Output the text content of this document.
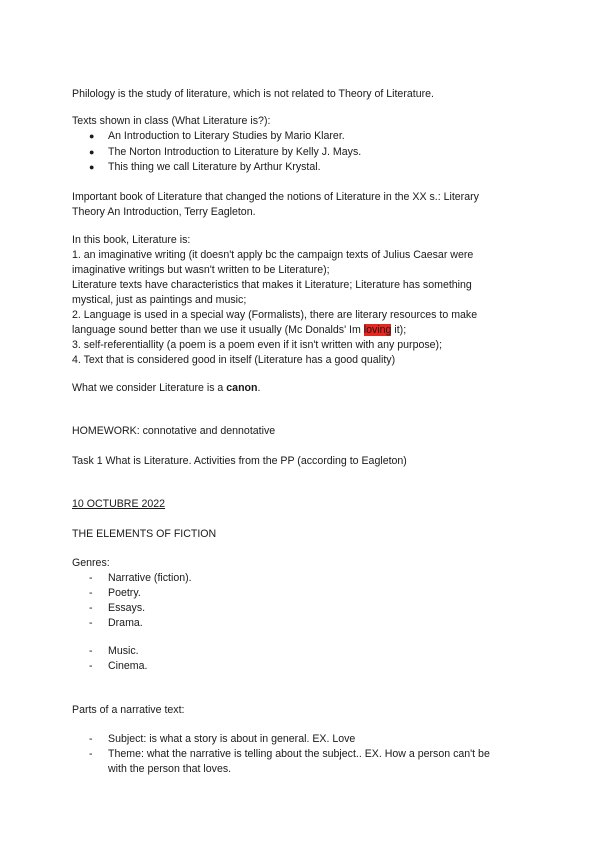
Philology is the study of literature, which is not related to Theory of Literature.
Texts shown in class (What Literature is?):
● An Introduction to Literary Studies by Mario Klarer.
● The Norton Introduction to Literature by Kelly J. Mays.
● This thing we call Literature by Arthur Krystal.
Important book of Literature that changed the notions of Literature in the XX s.: Literary
Theory An Introduction, Terry Eagleton.
In this book, Literature is:
1. an imaginative writing (it doesn't apply bc the campaign texts of Julius Caesar were
imaginative writings but wasn't written to be Literature);
Literature texts have characteristics that makes it Literature; Literature has something
mystical, just as paintings and music;
2. Language is used in a special way (Formalists), there are literary resources to make
language sound better than we use it usually (Mc Donalds' Im loving it);
3. self-referentiallity (a poem is a poem even if it isn't written with any purpose);
4. Text that is considered good in itself (Literature has a good quality)
What we consider Literature is a canon.
HOMEWORK: connotative and dennotative
Task 1 What is Literature. Activities from the PP (according to Eagleton)
10 OCTUBRE 2022
THE ELEMENTS OF FICTION
Genres:
- Narrative (fiction).
- Poetry.
- Essays.
- Drama.
- Music.
- Cinema.
Parts of a narrative text:
- Subject: is what a story is about in general. EX. Love
- Theme: what the narrative is telling about the subject.. EX. How a person can't be
with the person that loves.
